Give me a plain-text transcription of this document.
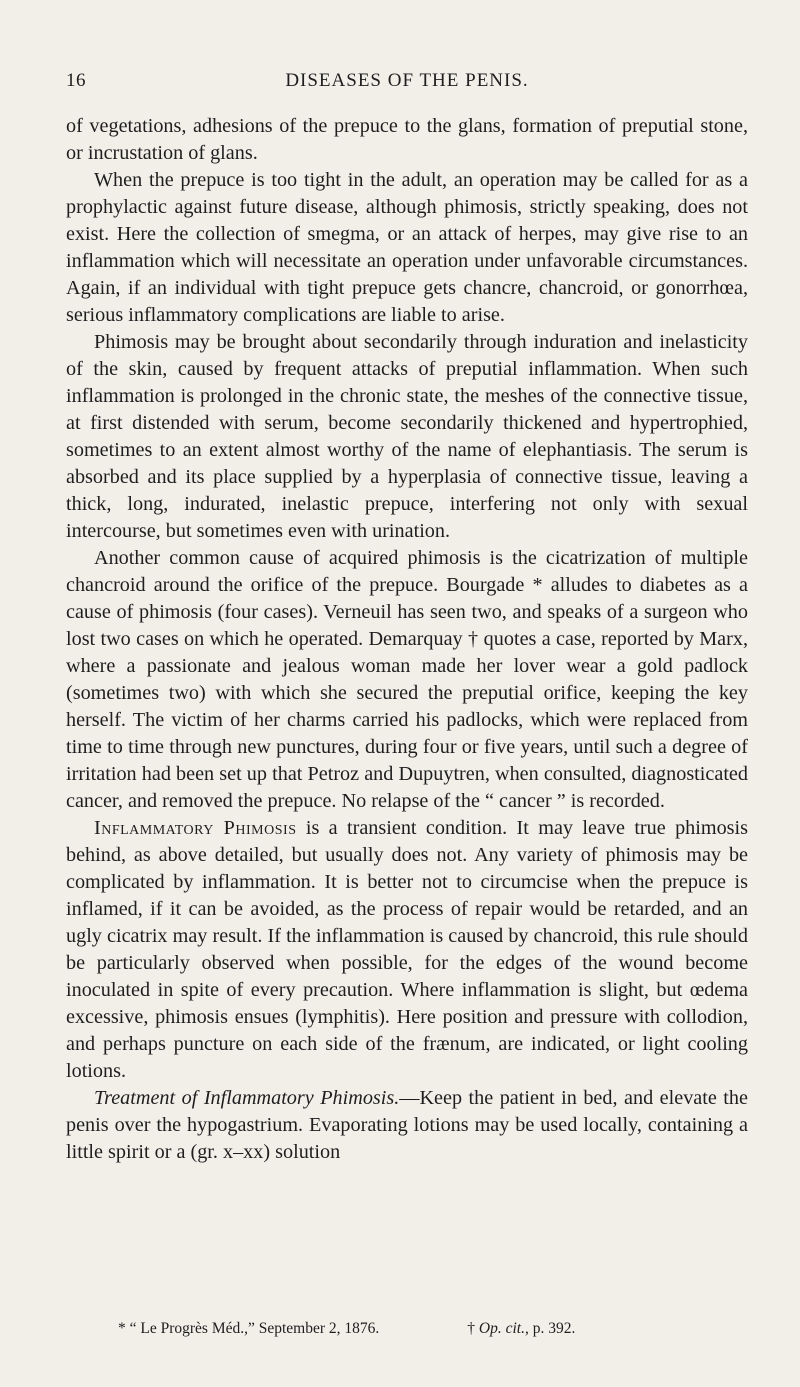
16	DISEASES OF THE PENIS.

of vegetations, adhesions of the prepuce to the glans, formation of preputial stone, or incrustation of glans.

When the prepuce is too tight in the adult, an operation may be called for as a prophylactic against future disease, although phimosis, strictly speaking, does not exist. Here the collection of smegma, or an attack of herpes, may give rise to an inflammation which will necessitate an operation under unfavorable circumstances. Again, if an individual with tight prepuce gets chancre, chancroid, or gonorrhœa, serious inflammatory complications are liable to arise.

Phimosis may be brought about secondarily through induration and inelasticity of the skin, caused by frequent attacks of preputial inflammation. When such inflammation is prolonged in the chronic state, the meshes of the connective tissue, at first distended with serum, become secondarily thickened and hypertrophied, sometimes to an extent almost worthy of the name of elephantiasis. The serum is absorbed and its place supplied by a hyperplasia of connective tissue, leaving a thick, long, indurated, inelastic prepuce, interfering not only with sexual intercourse, but sometimes even with urination.

Another common cause of acquired phimosis is the cicatrization of multiple chancroid around the orifice of the prepuce. Bourgade * alludes to diabetes as a cause of phimosis (four cases). Verneuil has seen two, and speaks of a surgeon who lost two cases on which he operated. Demarquay † quotes a case, reported by Marx, where a passionate and jealous woman made her lover wear a gold padlock (sometimes two) with which she secured the preputial orifice, keeping the key herself. The victim of her charms carried his padlocks, which were replaced from time to time through new punctures, during four or five years, until such a degree of irritation had been set up that Petroz and Dupuytren, when consulted, diagnosticated cancer, and removed the prepuce. No relapse of the “ cancer ” is recorded.

Inflammatory Phimosis is a transient condition. It may leave true phimosis behind, as above detailed, but usually does not. Any variety of phimosis may be complicated by inflammation. It is better not to circumcise when the prepuce is inflamed, if it can be avoided, as the process of repair would be retarded, and an ugly cicatrix may result. If the inflammation is caused by chancroid, this rule should be particularly observed when possible, for the edges of the wound become inoculated in spite of every precaution. Where inflammation is slight, but œdema excessive, phimosis ensues (lymphitis). Here position and pressure with collodion, and perhaps puncture on each side of the frænum, are indicated, or light cooling lotions.

Treatment of Inflammatory Phimosis.—Keep the patient in bed, and elevate the penis over the hypogastrium. Evaporating lotions may be used locally, containing a little spirit or a (gr. x–xx) solution

* “ Le Progrès Méd.,” September 2, 1876.	† Op. cit., p. 392.
